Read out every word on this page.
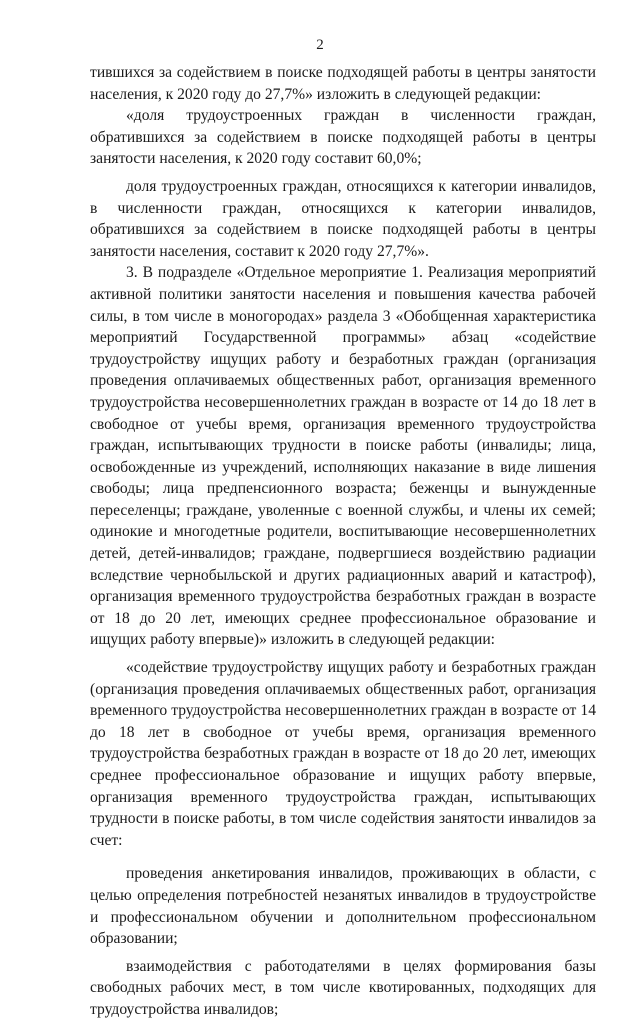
2

тившихся за содействием в поиске подходящей работы в центры занятости населения, к 2020 году до 27,7%» изложить в следующей редакции:

«доля трудоустроенных граждан в численности граждан, обратившихся за содействием в поиске подходящей работы в центры занятости населения, к 2020 году составит 60,0%;

доля трудоустроенных граждан, относящихся к категории инвалидов, в численности граждан, относящихся к категории инвалидов, обратившихся за содействием в поиске подходящей работы в центры занятости населения, составит к 2020 году 27,7%».

3. В подразделе «Отдельное мероприятие 1. Реализация мероприятий активной политики занятости населения и повышения качества рабочей силы, в том числе в моногородах» раздела 3 «Обобщенная характеристика мероприятий Государственной программы» абзац «содействие трудоустройству ищущих работу и безработных граждан (организация проведения оплачиваемых общественных работ, организация временного трудоустройства несовершеннолетних граждан в возрасте от 14 до 18 лет в свободное от учебы время, организация временного трудоустройства граждан, испытывающих трудности в поиске работы (инвалиды; лица, освобожденные из учреждений, исполняющих наказание в виде лишения свободы; лица предпенсионного возраста; беженцы и вынужденные переселенцы; граждане, уволенные с военной службы, и члены их семей; одинокие и многодетные родители, воспитывающие несовершеннолетних детей, детей-инвалидов; граждане, подвергшиеся воздействию радиации вследствие чернобыльской и других радиационных аварий и катастроф), организация временного трудоустройства безработных граждан в возрасте от 18 до 20 лет, имеющих среднее профессиональное образование и ищущих работу впервые)» изложить в следующей редакции:

«содействие трудоустройству ищущих работу и безработных граждан (организация проведения оплачиваемых общественных работ, организация временного трудоустройства несовершеннолетних граждан в возрасте от 14 до 18 лет в свободное от учебы время, организация временного трудоустройства безработных граждан в возрасте от 18 до 20 лет, имеющих среднее профессиональное образование и ищущих работу впервые, организация временного трудоустройства граждан, испытывающих трудности в поиске работы, в том числе содействия занятости инвалидов за счет:

проведения анкетирования инвалидов, проживающих в области, с целью определения потребностей незанятых инвалидов в трудоустройстве и профессиональном обучении и дополнительном профессиональном образовании;

взаимодействия с работодателями в целях формирования базы свободных рабочих мест, в том числе квотированных, подходящих для трудоустройства инвалидов;
